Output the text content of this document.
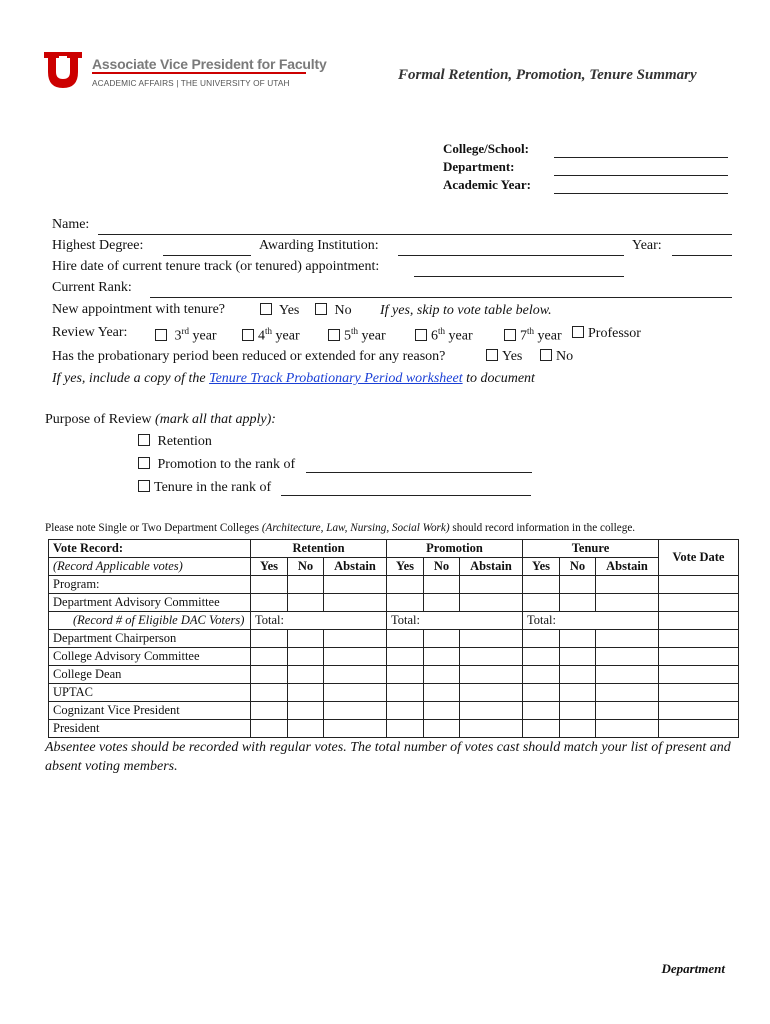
Associate Vice President for Faculty
ACADEMIC AFFAIRS | THE UNIVERSITY OF UTAH	Formal Retention, Promotion, Tenure Summary
College/School:
Department:
Academic Year:
Name:
Highest Degree:	Awarding Institution:	Year:
Hire date of current tenure track (or tenured) appointment:
Current Rank:
New appointment with tenure?	Yes	No If yes, skip to vote table below.
Review Year:	3rd year	4th year	5th year	6th year	7th year	Professor
Has the probationary period been reduced or extended for any reason?	Yes	No
If yes, include a copy of the Tenure Track Probationary Period worksheet to document
Purpose of Review (mark all that apply):
Retention
Promotion to the rank of
Tenure in the rank of
Please note Single or Two Department Colleges (Architecture, Law, Nursing, Social Work) should record information in the college.
Vote Record:	Retention			Promotion			Tenure			Vote Date
(Record Applicable votes)	Yes	No	Abstain	Yes	No	Abstain	Yes	No	Abstain	
Program:										
Department Advisory Committee										
(Record # of Eligible DAC Voters)	Total:			Total:			Total:			
Department Chairperson										
College Advisory Committee										
College Dean										
UPTAC										
Cognizant Vice President										
President										
Absentee votes should be recorded with regular votes. The total number of votes cast should match your list of present and absent voting members.
Department
